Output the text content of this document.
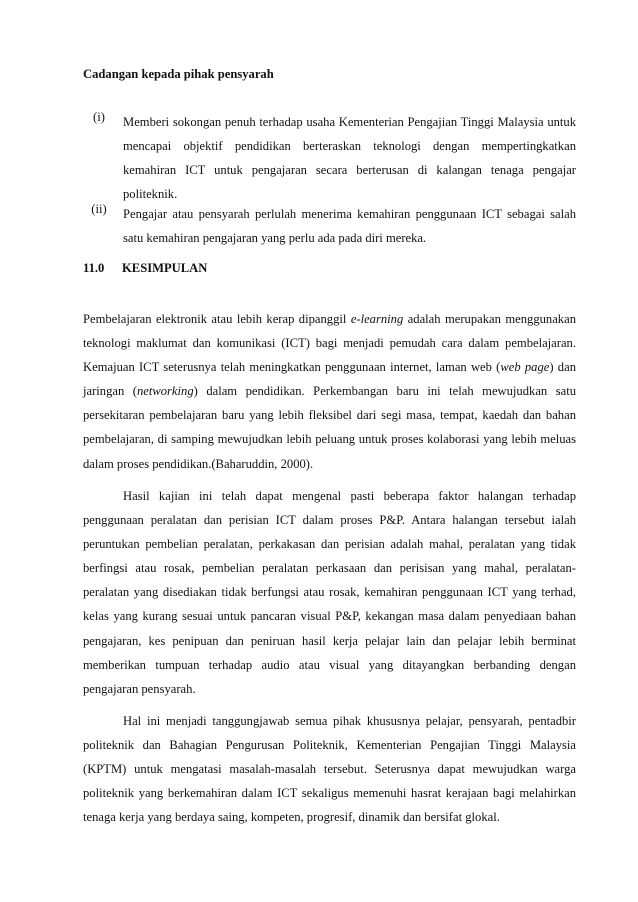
Cadangan kepada pihak pensyarah
(i)	Memberi sokongan penuh terhadap usaha Kementerian Pengajian Tinggi Malaysia untuk mencapai objektif pendidikan berteraskan teknologi dengan mempertingkatkan kemahiran ICT untuk pengajaran secara berterusan di kalangan tenaga pengajar politeknik.
(ii)	Pengajar atau pensyarah perlulah menerima kemahiran penggunaan ICT sebagai salah satu kemahiran pengajaran yang perlu ada pada diri mereka.
11.0 KESIMPULAN

Pembelajaran elektronik atau lebih kerap dipanggil e-learning adalah merupakan menggunakan teknologi maklumat dan komunikasi (ICT) bagi menjadi pemudah cara dalam pembelajaran. Kemajuan ICT seterusnya telah meningkatkan penggunaan internet, laman web (web page) dan jaringan (networking) dalam pendidikan. Perkembangan baru ini telah mewujudkan satu persekitaran pembelajaran baru yang lebih fleksibel dari segi masa, tempat, kaedah dan bahan pembelajaran, di samping mewujudkan lebih peluang untuk proses kolaborasi yang lebih meluas dalam proses pendidikan.(Baharuddin, 2000).

Hasil kajian ini telah dapat mengenal pasti beberapa faktor halangan terhadap penggunaan peralatan dan perisian ICT dalam proses P&P. Antara halangan tersebut ialah peruntukan pembelian peralatan, perkakasan dan perisian adalah mahal, peralatan yang tidak berfingsi atau rosak, pembelian peralatan perkasaan dan perisisan yang mahal, peralatan-peralatan yang disediakan tidak berfungsi atau rosak, kemahiran penggunaan ICT yang terhad, kelas yang kurang sesuai untuk pancaran visual P&P, kekangan masa dalam penyediaan bahan pengajaran, kes penipuan dan peniruan hasil kerja pelajar lain dan pelajar lebih berminat memberikan tumpuan terhadap audio atau visual yang ditayangkan berbanding dengan pengajaran pensyarah.

Hal ini menjadi tanggungjawab semua pihak khususnya pelajar, pensyarah, pentadbir politeknik dan Bahagian Pengurusan Politeknik, Kementerian Pengajian Tinggi Malaysia (KPTM) untuk mengatasi masalah-masalah tersebut. Seterusnya dapat mewujudkan warga politeknik yang berkemahiran dalam ICT sekaligus memenuhi hasrat kerajaan bagi melahirkan tenaga kerja yang berdaya saing, kompeten, progresif, dinamik dan bersifat glokal.
